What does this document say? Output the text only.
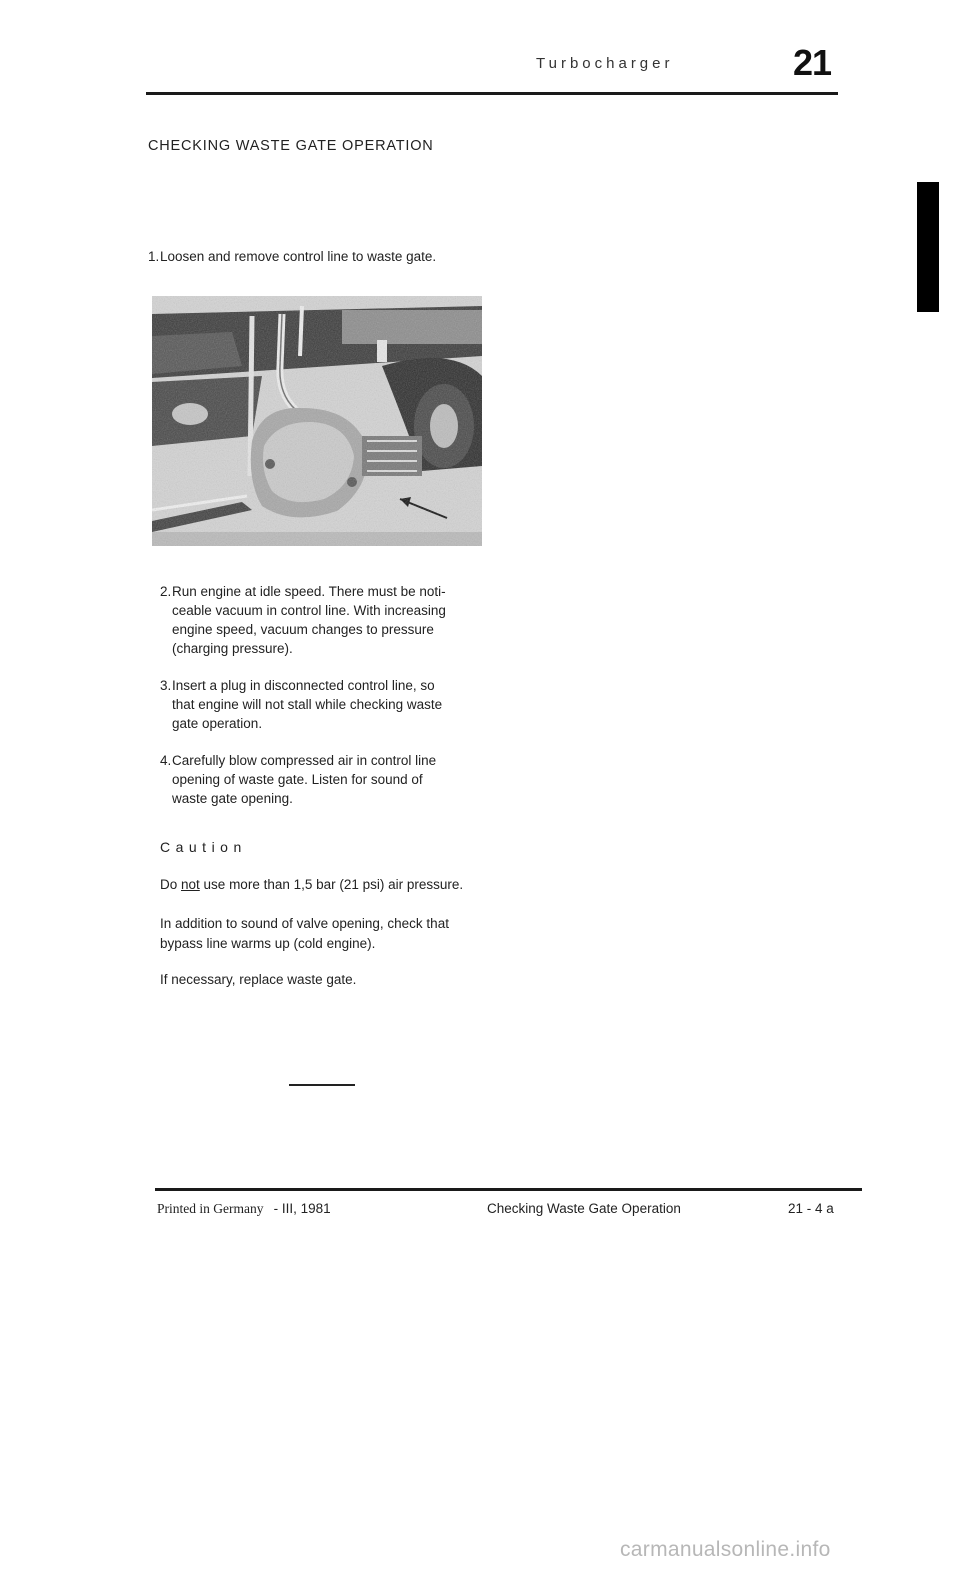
Turbocharger	21
CHECKING WASTE GATE OPERATION
1. Loosen and remove control line to waste gate.
2. Run engine at idle speed. There must be noti-
ceable vacuum in control line. With increasing
engine speed, vacuum changes to pressure
(charging pressure).
3. Insert a plug in disconnected control line, so
that engine will not stall while checking waste
gate operation.
4. Carefully blow compressed air in control line
opening of waste gate. Listen for sound of
waste gate opening.
Caution
Do not use more than 1,5 bar (21 psi) air pressure.
In addition to sound of valve opening, check that
bypass line warms up (cold engine).
If necessary, replace waste gate.
Printed in Germany - III, 1981	Checking Waste Gate Operation	21 - 4 a
carmanualsonline.info
